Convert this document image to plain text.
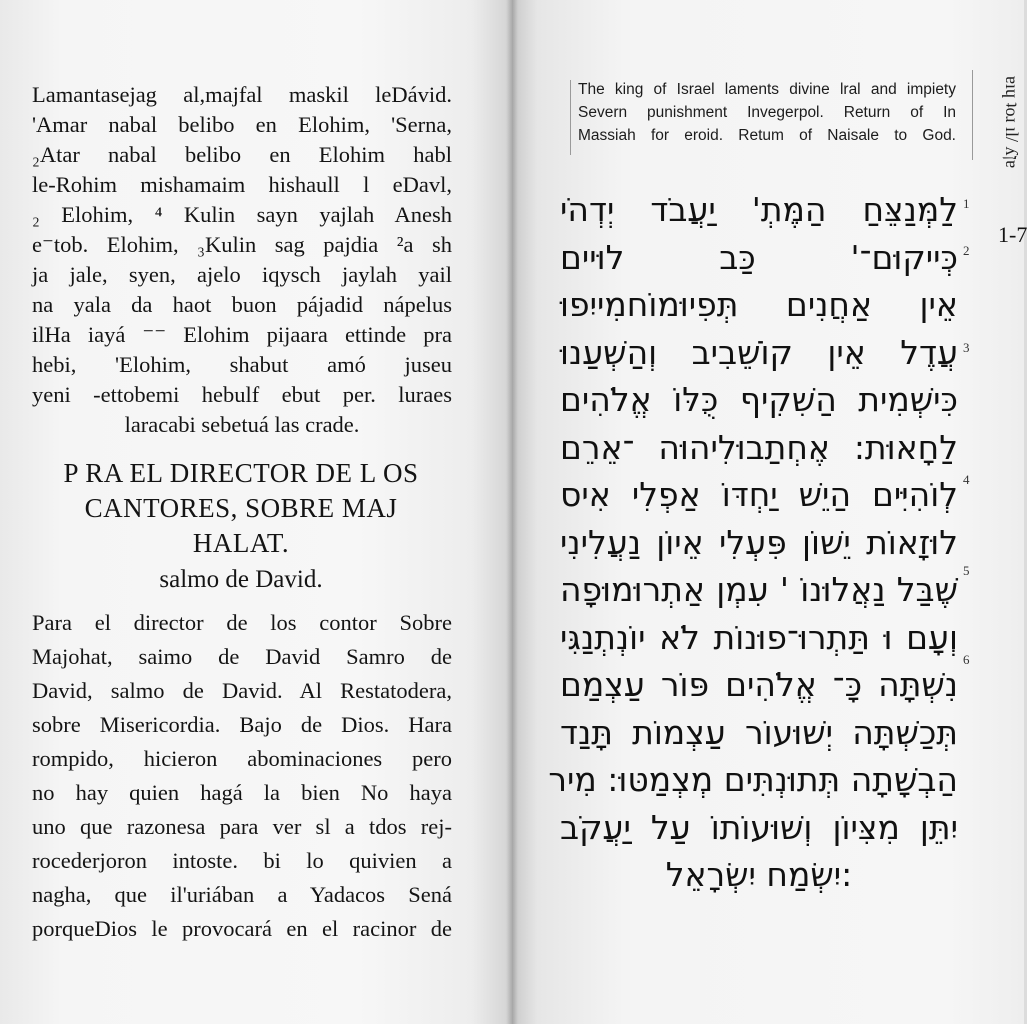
Lamantasejag al,majfal maskil leDávid.
'Amar nabal belibo en Elohim, 'Serna,
₂Atar nabal belibo en Elohim habl
le-Rohim mishamaim hishaull l eDavl,
₂ Elohim, ⁴ Kulin sayn yajlah Anesh
e⁻tob. Elohim, ₃Kulin sag pajdia ²a sh
ja jale, syen, ajelo iqysch jaylah yail
na yala da haot buon pájadid nápelus
ilHa iayá ⁻⁻ Elohim pijaara ettinde pra
hebi, 'Elohim, shabut amó juseu
yeni -ettobemi hebulf ebut per. luraes
laracabi sebetuá las crade.
P RA EL DIRECTOR DE L OS CANTORES, SOBRE MAJ HALAT.
salmo de David.
Para el director de los contor Sobre
Majohat, saimo de David Samro de
David, salmo de David. Al Restatodera,
sobre Misericordia. Bajo de Dios. Hara
rompido, hicieron abominaciones pero
no hay quien hagá la bien No haya
uno que razonesa para ver sl a tdos rej-
rocederjoron intoste. bi lo quivien a
nagha, que il'uriában a Yadacos Sená
porqueDios le provocará en el racinor de
The king of Israel laments divine lral and impiety
Severn punishment Invegerpol. Return of In
Massiah for eroid. Retum of Naisale to God.	ɐıɥ ʇoɹ ıl/ ʎןɐ
1-7
לַמְּנַצֵּחַ הַמֶּתְ' יַעֲבֹד יְדְהֹי
כְּייקוּם־' כַּב לוּיים
אֵין אַחֲנִים תְּפִיוּמוֹחמִייִפוּ
עֲדֶל אֵין קוֹשֵׁבִיב וְהַשְׁעַנוּ
כִּישְׁמִית הַשִׁקִיף כֻּלּוֹ אֱלֹהִים
לַחָאוּת: אֶחְתַבוּלִיהוּה ־אֵרֵם
לְוֹהִיִּים הַיֵשׁ יַחְדּוֹ אַפְלִי אִיס
לוּזָאוֹת יֵשׁוֹן פִּעְלִי אֵיוֹן נַעֲלִינִי
שֶׁבַּל נַאֲלוּנוֹ ' עִמְן אַתְרוּמוּפָה
וְעָם וּ תַּתְרוּ־פוּנוֹת לֹא יוֹנְתְנַגִּי
נִשְׁתָּה כָּ־ אֱלֹהִים פּוֹר עַצְמַם
תְּכַשְׁתָּה יְשׁוּעוֹר עַצְמוֹת תָּנַד
הַבְשָׁתָה תְּתוּנְתִּים מְצְמַטּוּ: מִיר
יִתֵּן מִצִּיוֹן וְשׁוּעוֹתוֹ עַל יַעֲקֹב
:יִשְׂמַח יִשְׂרָאֵל
1
2
3
4
5
6
